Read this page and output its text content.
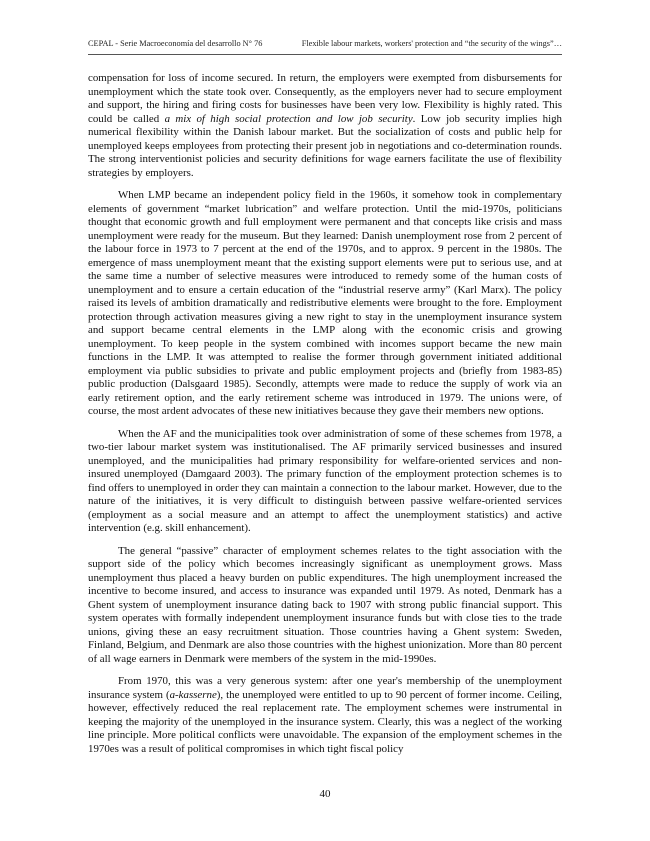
CEPAL - Serie Macroeconomía del desarrollo N° 76	Flexible labour markets, workers' protection and “the security of the wings”…

compensation for loss of income secured. In return, the employers were exempted from disbursements for unemployment which the state took over. Consequently, as the employers never had to secure employment and support, the hiring and firing costs for businesses have been very low. Flexibility is highly rated. This could be called a mix of high social protection and low job security. Low job security implies high numerical flexibility within the Danish labour market. But the socialization of costs and public help for unemployed keeps employees from protecting their present job in negotiations and co-determination rounds. The strong interventionist policies and security definitions for wage earners facilitate the use of flexibility strategies by employers.

When LMP became an independent policy field in the 1960s, it somehow took in complementary elements of government “market lubrication” and welfare protection. Until the mid-1970s, politicians thought that economic growth and full employment were permanent and that concepts like crisis and mass unemployment were ready for the museum. But they learned: Danish unemployment rose from 2 percent of the labour force in 1973 to 7 percent at the end of the 1970s, and to approx. 9 percent in the 1980s. The emergence of mass unemployment meant that the existing support elements were put to serious use, and at the same time a number of selective measures were introduced to remedy some of the human costs of unemployment and to ensure a certain education of the “industrial reserve army” (Karl Marx). The policy raised its levels of ambition dramatically and redistributive elements were brought to the fore. Employment protection through activation measures giving a new right to stay in the unemployment insurance system and support became central elements in the LMP along with the economic crisis and growing unemployment. To keep people in the system combined with incomes support became the new main functions in the LMP. It was attempted to realise the former through government initiated additional employment via public subsidies to private and public employment projects and (briefly from 1983-85) public production (Dalsgaard 1985). Secondly, attempts were made to reduce the supply of work via an early retirement option, and the early retirement scheme was introduced in 1979. The unions were, of course, the most ardent advocates of these new initiatives because they gave their members new options.

When the AF and the municipalities took over administration of some of these schemes from 1978, a two-tier labour market system was institutionalised. The AF primarily serviced businesses and insured unemployed, and the municipalities had primary responsibility for welfare-oriented services and non-insured unemployed (Damgaard 2003). The primary function of the employment protection schemes is to find offers to unemployed in order they can maintain a connection to the labour market. However, due to the nature of the initiatives, it is very difficult to distinguish between passive welfare-oriented services (employment as a social measure and an attempt to affect the unemployment statistics) and active intervention (e.g. skill enhancement).

The general “passive” character of employment schemes relates to the tight association with the support side of the policy which becomes increasingly significant as unemployment grows. Mass unemployment thus placed a heavy burden on public expenditures. The high unemployment increased the incentive to become insured, and access to insurance was expanded until 1979. As noted, Denmark has a Ghent system of unemployment insurance dating back to 1907 with strong public financial support. This system operates with formally independent unemployment insurance funds but with close ties to the trade unions, giving these an easy recruitment situation. Those countries having a Ghent system: Sweden, Finland, Belgium, and Denmark are also those countries with the highest unionization. More than 80 percent of all wage earners in Denmark were members of the system in the mid-1990es.

From 1970, this was a very generous system: after one year's membership of the unemployment insurance system (a-kasserne), the unemployed were entitled to up to 90 percent of former income. Ceiling, however, effectively reduced the real replacement rate. The employment schemes were instrumental in keeping the majority of the unemployed in the insurance system. Clearly, this was a neglect of the working line principle. More political conflicts were unavoidable. The expansion of the employment schemes in the 1970es was a result of political compromises in which tight fiscal policy

40
